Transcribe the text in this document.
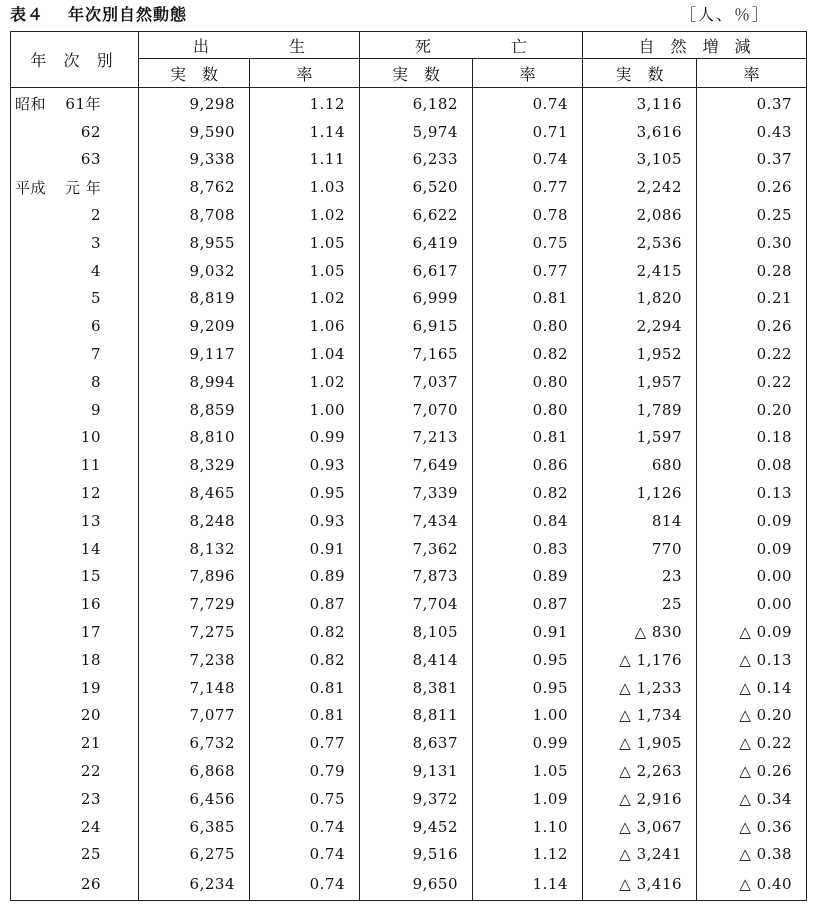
表４ 年次別自然動態	［人、％］
年 次 別	出　　　　　生		死　　　　　亡		自　然　増　減	
	実　数	率	実　数	率	実　数	率
昭和 61年	9,298	1.12	6,182	0.74	3,116	0.37
62	9,590	1.14	5,974	0.71	3,616	0.43
63	9,338	1.11	6,233	0.74	3,105	0.37
平成 元 年	8,762	1.03	6,520	0.77	2,242	0.26
2	8,708	1.02	6,622	0.78	2,086	0.25
3	8,955	1.05	6,419	0.75	2,536	0.30
4	9,032	1.05	6,617	0.77	2,415	0.28
5	8,819	1.02	6,999	0.81	1,820	0.21
6	9,209	1.06	6,915	0.80	2,294	0.26
7	9,117	1.04	7,165	0.82	1,952	0.22
8	8,994	1.02	7,037	0.80	1,957	0.22
9	8,859	1.00	7,070	0.80	1,789	0.20
10	8,810	0.99	7,213	0.81	1,597	0.18
11	8,329	0.93	7,649	0.86	680	0.08
12	8,465	0.95	7,339	0.82	1,126	0.13
13	8,248	0.93	7,434	0.84	814	0.09
14	8,132	0.91	7,362	0.83	770	0.09
15	7,896	0.89	7,873	0.89	23	0.00
16	7,729	0.87	7,704	0.87	25	0.00
17	7,275	0.82	8,105	0.91	△ 830	△ 0.09
18	7,238	0.82	8,414	0.95	△ 1,176	△ 0.13
19	7,148	0.81	8,381	0.95	△ 1,233	△ 0.14
20	7,077	0.81	8,811	1.00	△ 1,734	△ 0.20
21	6,732	0.77	8,637	0.99	△ 1,905	△ 0.22
22	6,868	0.79	9,131	1.05	△ 2,263	△ 0.26
23	6,456	0.75	9,372	1.09	△ 2,916	△ 0.34
24	6,385	0.74	9,452	1.10	△ 3,067	△ 0.36
25	6,275	0.74	9,516	1.12	△ 3,241	△ 0.38
26	6,234	0.74	9,650	1.14	△ 3,416	△ 0.40
